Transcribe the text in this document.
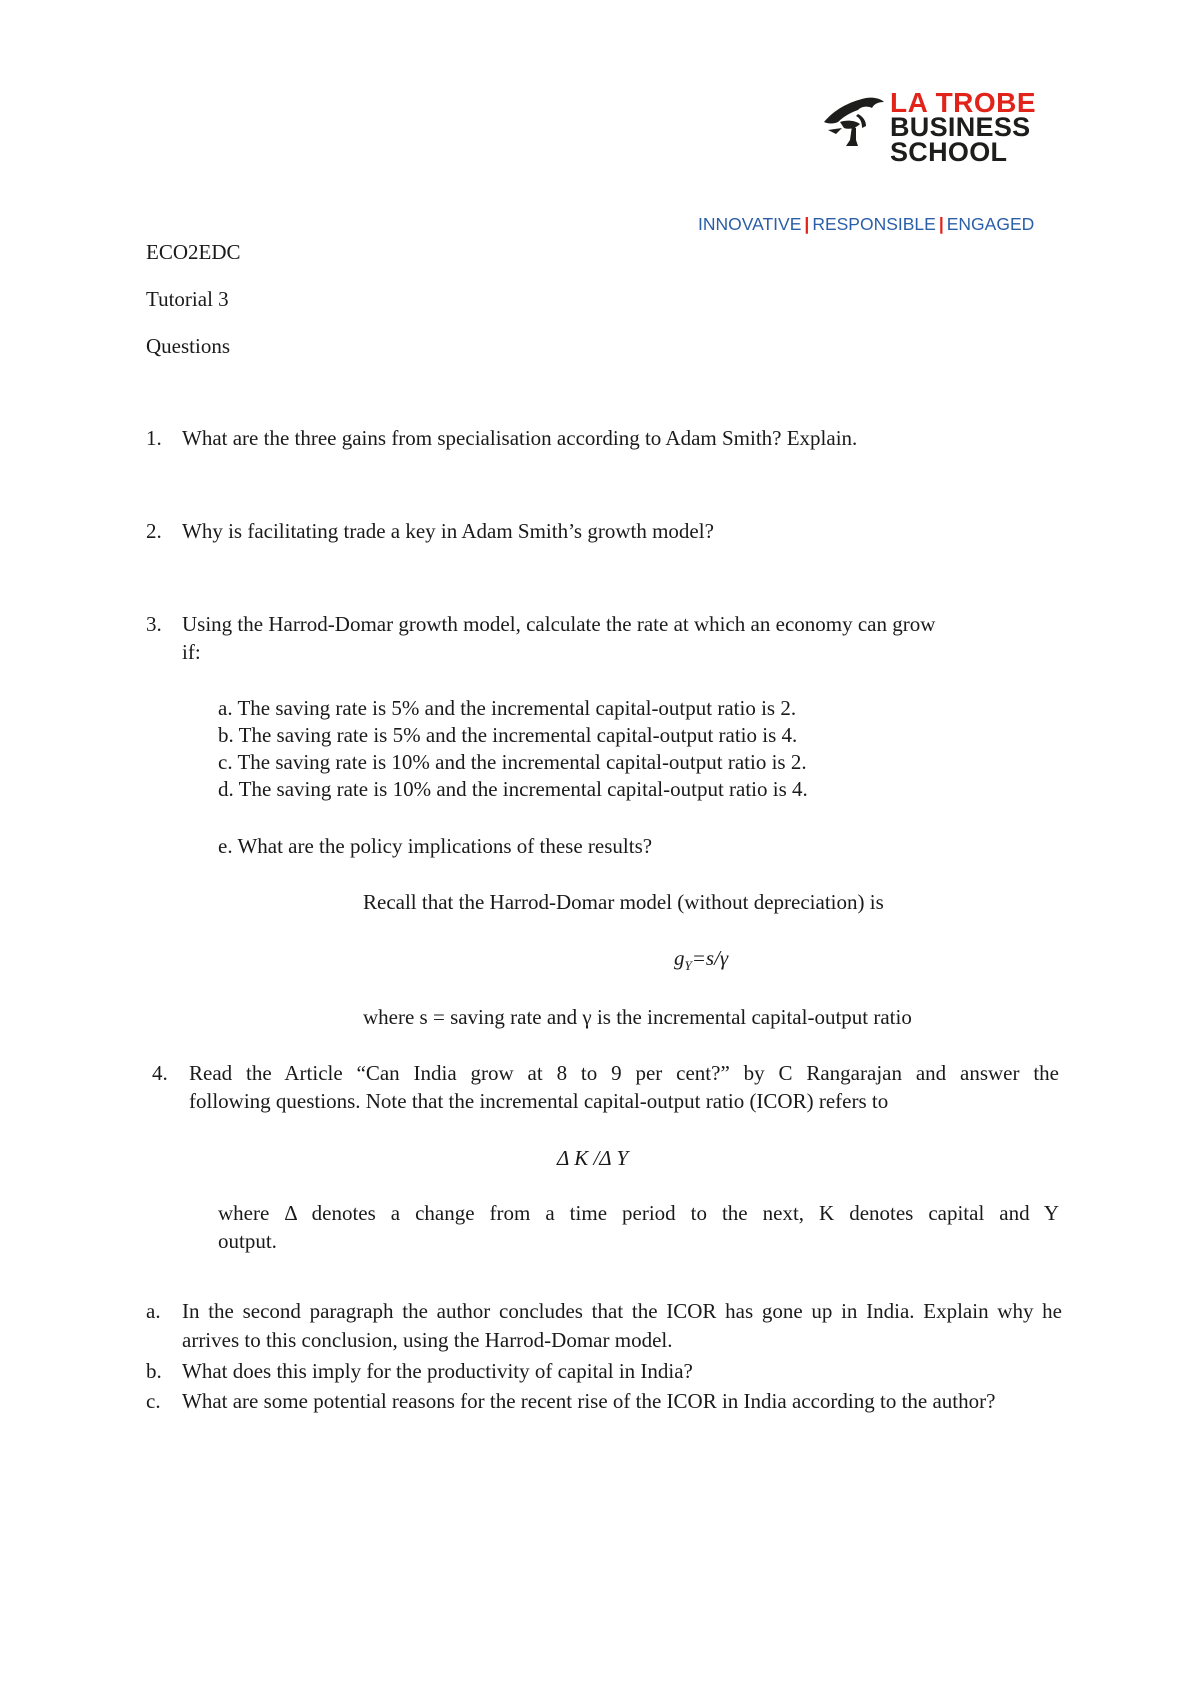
LA TROBE
BUSINESS
SCHOOL
INNOVATIVE | RESPONSIBLE | ENGAGED
ECO2EDC
Tutorial 3
Questions
1. What are the three gains from specialisation according to Adam Smith? Explain.
2. Why is facilitating trade a key in Adam Smith’s growth model?
3. Using the Harrod-Domar growth model, calculate the rate at which an economy can grow
if:
a. The saving rate is 5% and the incremental capital-output ratio is 2.
b. The saving rate is 5% and the incremental capital-output ratio is 4.
c. The saving rate is 10% and the incremental capital-output ratio is 2.
d. The saving rate is 10% and the incremental capital-output ratio is 4.
e. What are the policy implications of these results?
Recall that the Harrod-Domar model (without depreciation) is
$g_Y=s/\gamma$
where s = saving rate and γ is the incremental capital-output ratio
4. Read the Article “Can India grow at 8 to 9 per cent?” by C Rangarajan and answer the
following questions. Note that the incremental capital-output ratio (ICOR) refers to
Δ K /Δ Y
where Δ denotes a change from a time period to the next, K denotes capital and Y
output.
a. In the second paragraph the author concludes that the ICOR has gone up in India. Explain why he arrives to this conclusion, using the Harrod-Domar model.
b. What does this imply for the productivity of capital in India?
c. What are some potential reasons for the recent rise of the ICOR in India according to the author?
